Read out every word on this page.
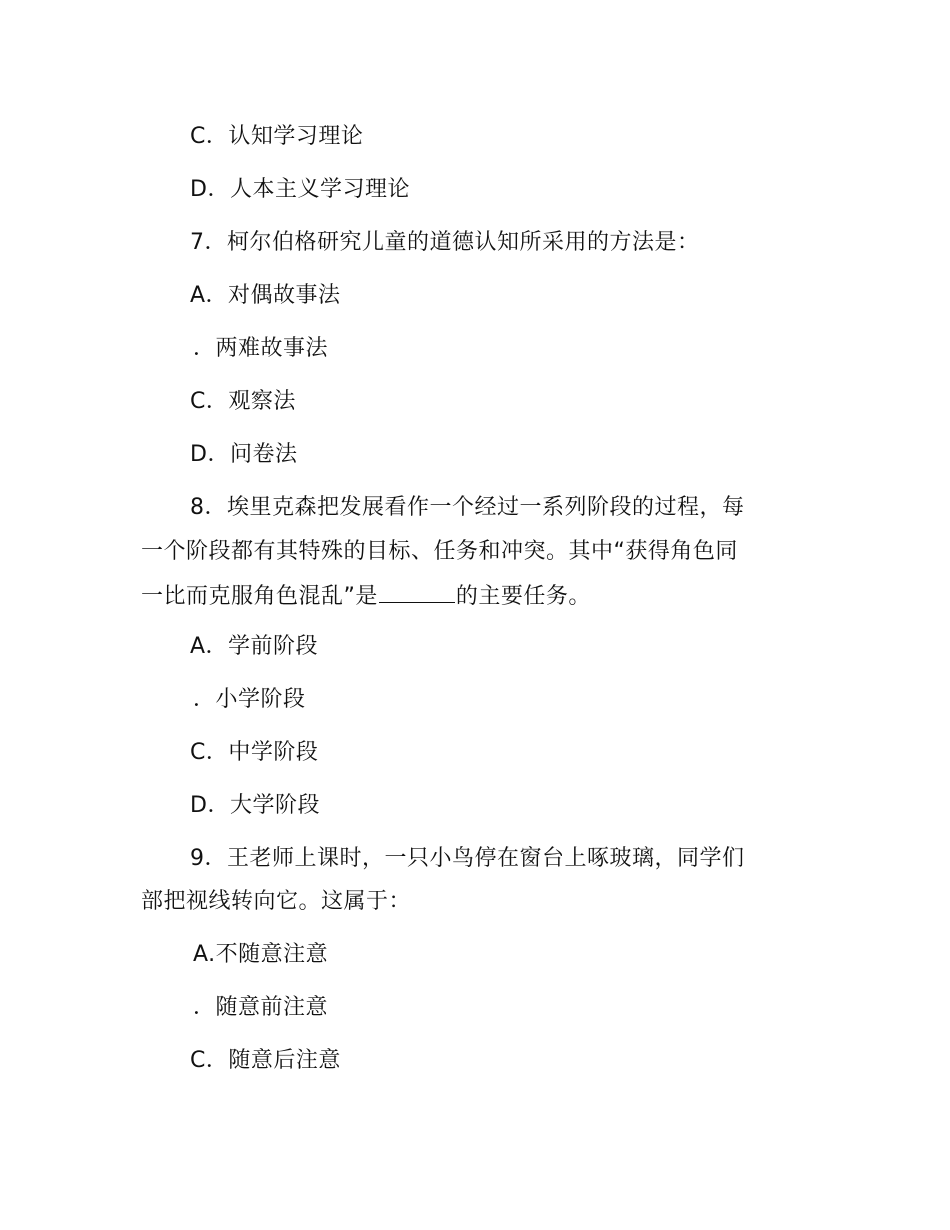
C．认知学习理论
D．人本主义学习理论
7．柯尔伯格研究儿童的道德认知所采用的方法是：
A．对偶故事法
．两难故事法
C．观察法
D．问卷法
8．埃里克森把发展看作一个经过一系列阶段的过程，每
一个阶段都有其特殊的目标、任务和冲突。其中“获得角色同
一比而克服角色混乱”是	的主要任务。
A．学前阶段
．小学阶段
C．中学阶段
D．大学阶段
9．王老师上课时，一只小鸟停在窗台上啄玻璃，同学们
部把视线转向它。这属于：
A.不随意注意
．随意前注意
C．随意后注意
